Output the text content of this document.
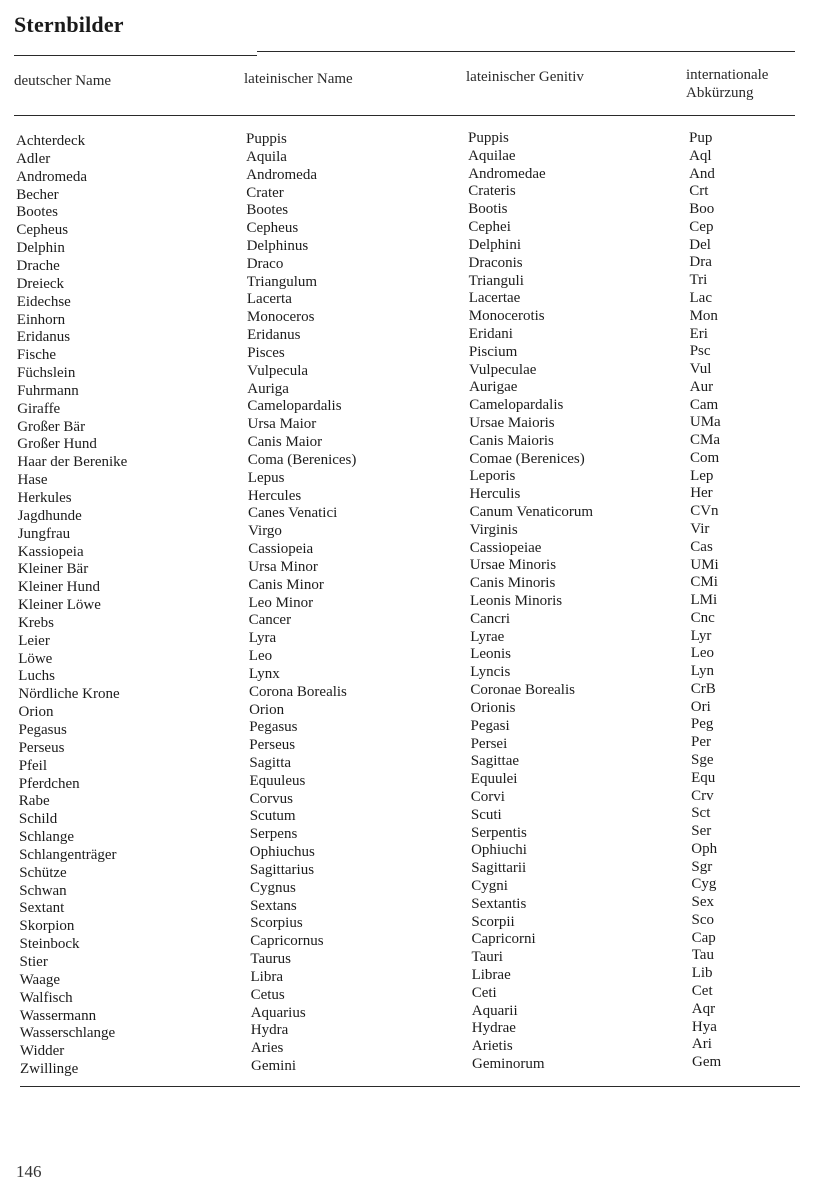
Sternbilder
deutscher Name	lateinischer Name	lateinischer Genitiv	internationale Abkürzung
Achterdeck	Puppis	Puppis	Pup
Adler	Aquila	Aquilae	Aql
Andromeda	Andromeda	Andromedae	And
Becher	Crater	Crateris	Crt
Bootes	Bootes	Bootis	Boo
Cepheus	Cepheus	Cephei	Cep
Delphin	Delphinus	Delphini	Del
Drache	Draco	Draconis	Dra
Dreieck	Triangulum	Trianguli	Tri
Eidechse	Lacerta	Lacertae	Lac
Einhorn	Monoceros	Monocerotis	Mon
Eridanus	Eridanus	Eridani	Eri
Fische	Pisces	Piscium	Psc
Füchslein	Vulpecula	Vulpeculae	Vul
Fuhrmann	Auriga	Aurigae	Aur
Giraffe	Camelopardalis	Camelopardalis	Cam
Großer Bär	Ursa Maior	Ursae Maioris	UMa
Großer Hund	Canis Maior	Canis Maioris	CMa
Haar der Berenike	Coma (Berenices)	Comae (Berenices)	Com
Hase	Lepus	Leporis	Lep
Herkules	Hercules	Herculis	Her
Jagdhunde	Canes Venatici	Canum Venaticorum	CVn
Jungfrau	Virgo	Virginis	Vir
Kassiopeia	Cassiopeia	Cassiopeiae	Cas
Kleiner Bär	Ursa Minor	Ursae Minoris	UMi
Kleiner Hund	Canis Minor	Canis Minoris	CMi
Kleiner Löwe	Leo Minor	Leonis Minoris	LMi
Krebs	Cancer	Cancri	Cnc
Leier	Lyra	Lyrae	Lyr
Löwe	Leo	Leonis	Leo
Luchs	Lynx	Lyncis	Lyn
Nördliche Krone	Corona Borealis	Coronae Borealis	CrB
Orion	Orion	Orionis	Ori
Pegasus	Pegasus	Pegasi	Peg
Perseus	Perseus	Persei	Per
Pfeil	Sagitta	Sagittae	Sge
Pferdchen	Equuleus	Equulei	Equ
Rabe	Corvus	Corvi	Crv
Schild	Scutum	Scuti	Sct
Schlange	Serpens	Serpentis	Ser
Schlangenträger	Ophiuchus	Ophiuchi	Oph
Schütze	Sagittarius	Sagittarii	Sgr
Schwan	Cygnus	Cygni	Cyg
Sextant	Sextans	Sextantis	Sex
Skorpion	Scorpius	Scorpii	Sco
Steinbock	Capricornus	Capricorni	Cap
Stier	Taurus	Tauri	Tau
Waage	Libra	Librae	Lib
Walfisch	Cetus	Ceti	Cet
Wassermann	Aquarius	Aquarii	Aqr
Wasserschlange	Hydra	Hydrae	Hya
Widder	Aries	Arietis	Ari
Zwillinge	Gemini	Geminorum	Gem
146
